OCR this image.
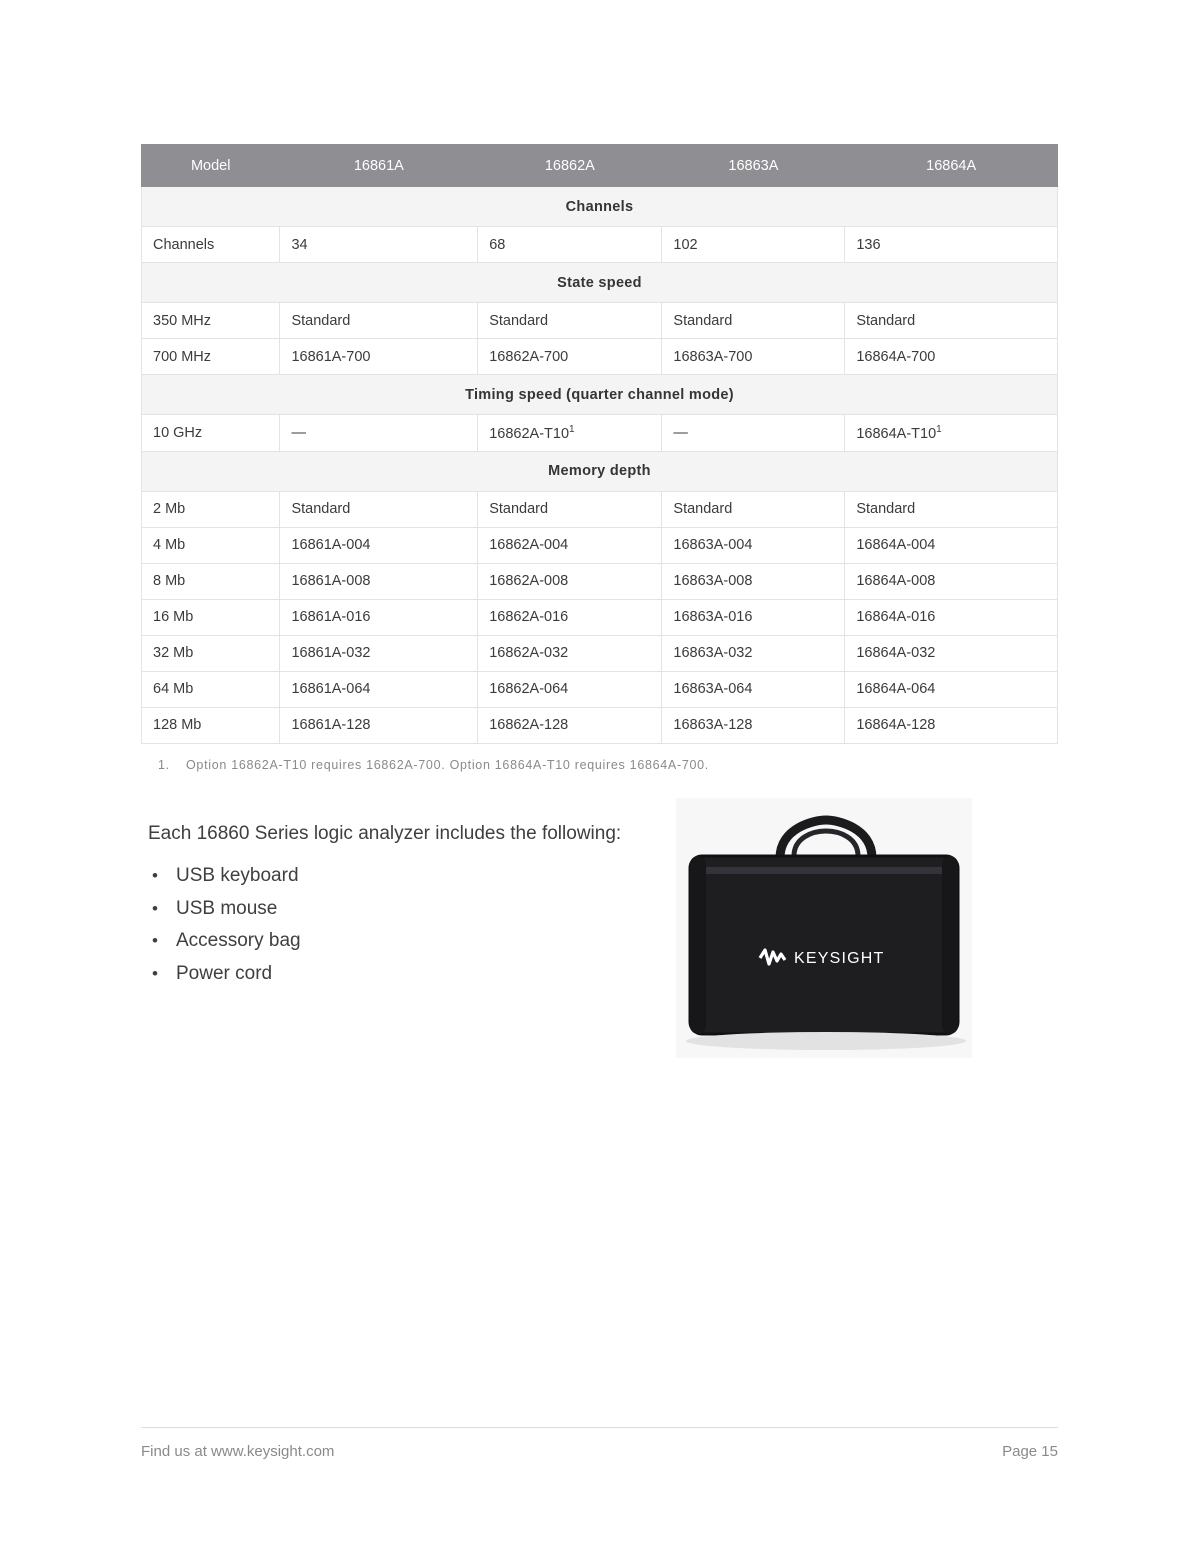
Model	16861A	16862A	16863A	16864A
Channels				
Channels	34	68	102	136
State speed				
350 MHz	Standard	Standard	Standard	Standard
700 MHz	16861A-700	16862A-700	16863A-700	16864A-700
Timing speed (quarter channel mode)				
10 GHz	—	$16862A-T10^1$	—	$16864A-T10^1$
Memory depth				
2 Mb	Standard	Standard	Standard	Standard
4 Mb	16861A-004	16862A-004	16863A-004	16864A-004
8 Mb	16861A-008	16862A-008	16863A-008	16864A-008
16 Mb	16861A-016	16862A-016	16863A-016	16864A-016
32 Mb	16861A-032	16862A-032	16863A-032	16864A-032
64 Mb	16861A-064	16862A-064	16863A-064	16864A-064
128 Mb	16861A-128	16862A-128	16863A-128	16864A-128
1. Option 16862A-T10 requires 16862A-700. Option 16864A-T10 requires 16864A-700.
Each 16860 Series logic analyzer includes the following:
• USB keyboard
• USB mouse
• Accessory bag
• Power cord
KEYSIGHT
Find us at www.keysight.com	Page 15
